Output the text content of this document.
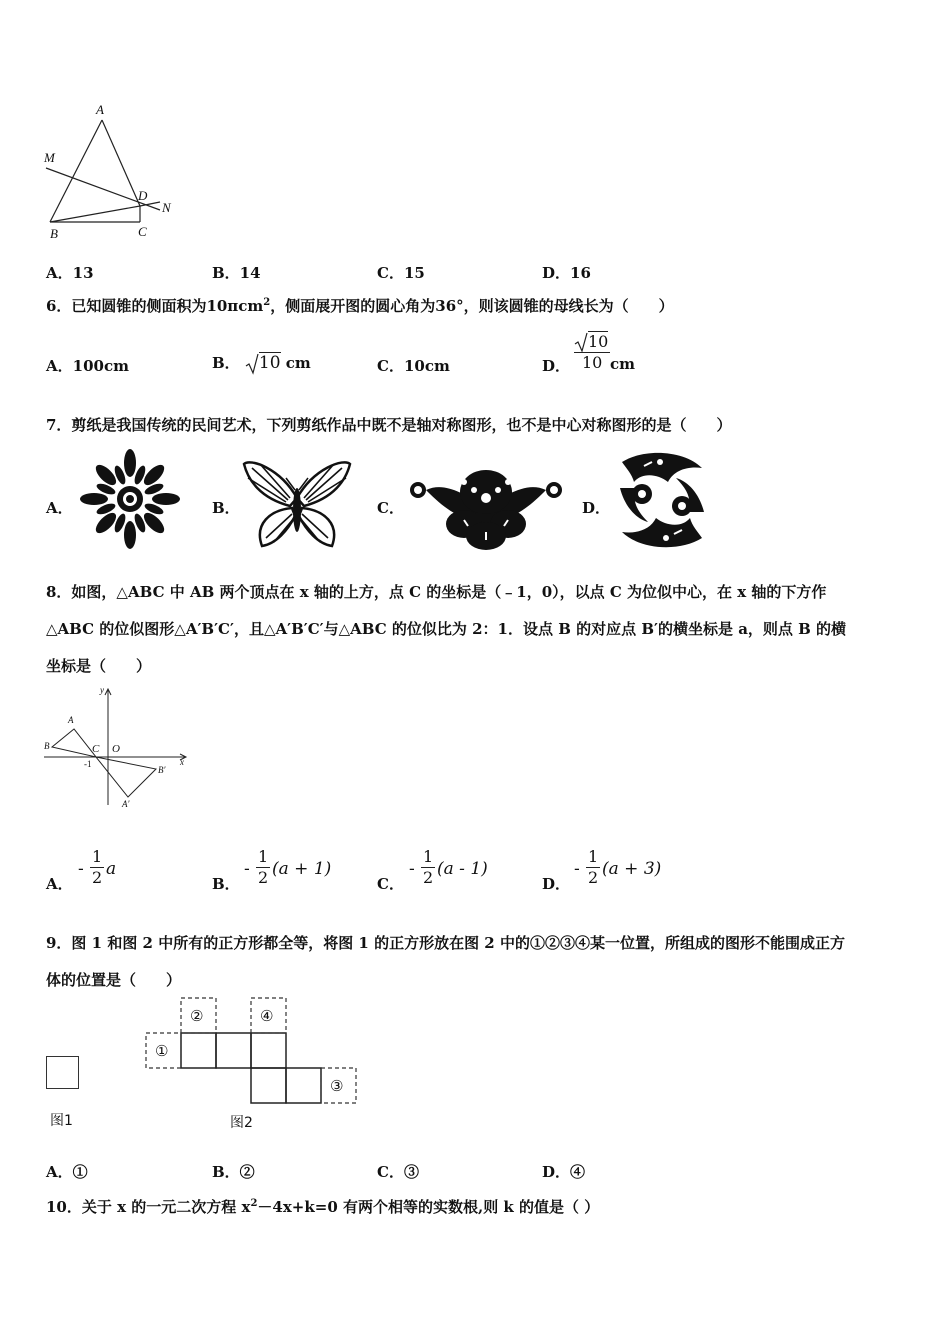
A
M
D
N
B	C
A．13	B．14	C．15	D．16
6．已知圆锥的侧面积为10πcm$^2$，侧面展开图的圆心角为36°，则该圆锥的母线长为（　　）
A．100cm	B． 10 cm	C．10cm	D． $\frac{10}{10}$ cm
7．剪纸是我国传统的民间艺术，下列剪纸作品中既不是轴对称图形，也不是中心对称图形的是（　　）
A．	B．	C．	D．
8．如图，△ABC 中 AB 两个顶点在 x 轴的上方，点 C 的坐标是（﹣1，0），以点 C 为位似中心，在 x 轴的下方作
△ABC 的位似图形△A′B′C′，且△A′B′C′与△ABC 的位似比为 2：1．设点 B 的对应点 B′的横坐标是 a，则点 B 的横
坐标是（　　）
y
x
A
B	C O
-1
B′
A′
A．
- $\frac{1}{2}$ a
B．
- $\frac{1}{2} (a + 1)$
C．
- $\frac{1}{2} (a - 1)$
D．
- $\frac{1}{2} (a + 3)$
9．图 1 和图 2 中所有的正方形都全等，将图 1 的正方形放在图 2 中的①②③④某一位置，所组成的图形不能围成正方
体的位置是（　　）
图1
①
②	④
③
图2
A．①	B．②	C．③	D．④
10．关于 x 的一元二次方程 $x^2-4x+k=0$ 有两个相等的实数根,则 k 的值是（ ）
